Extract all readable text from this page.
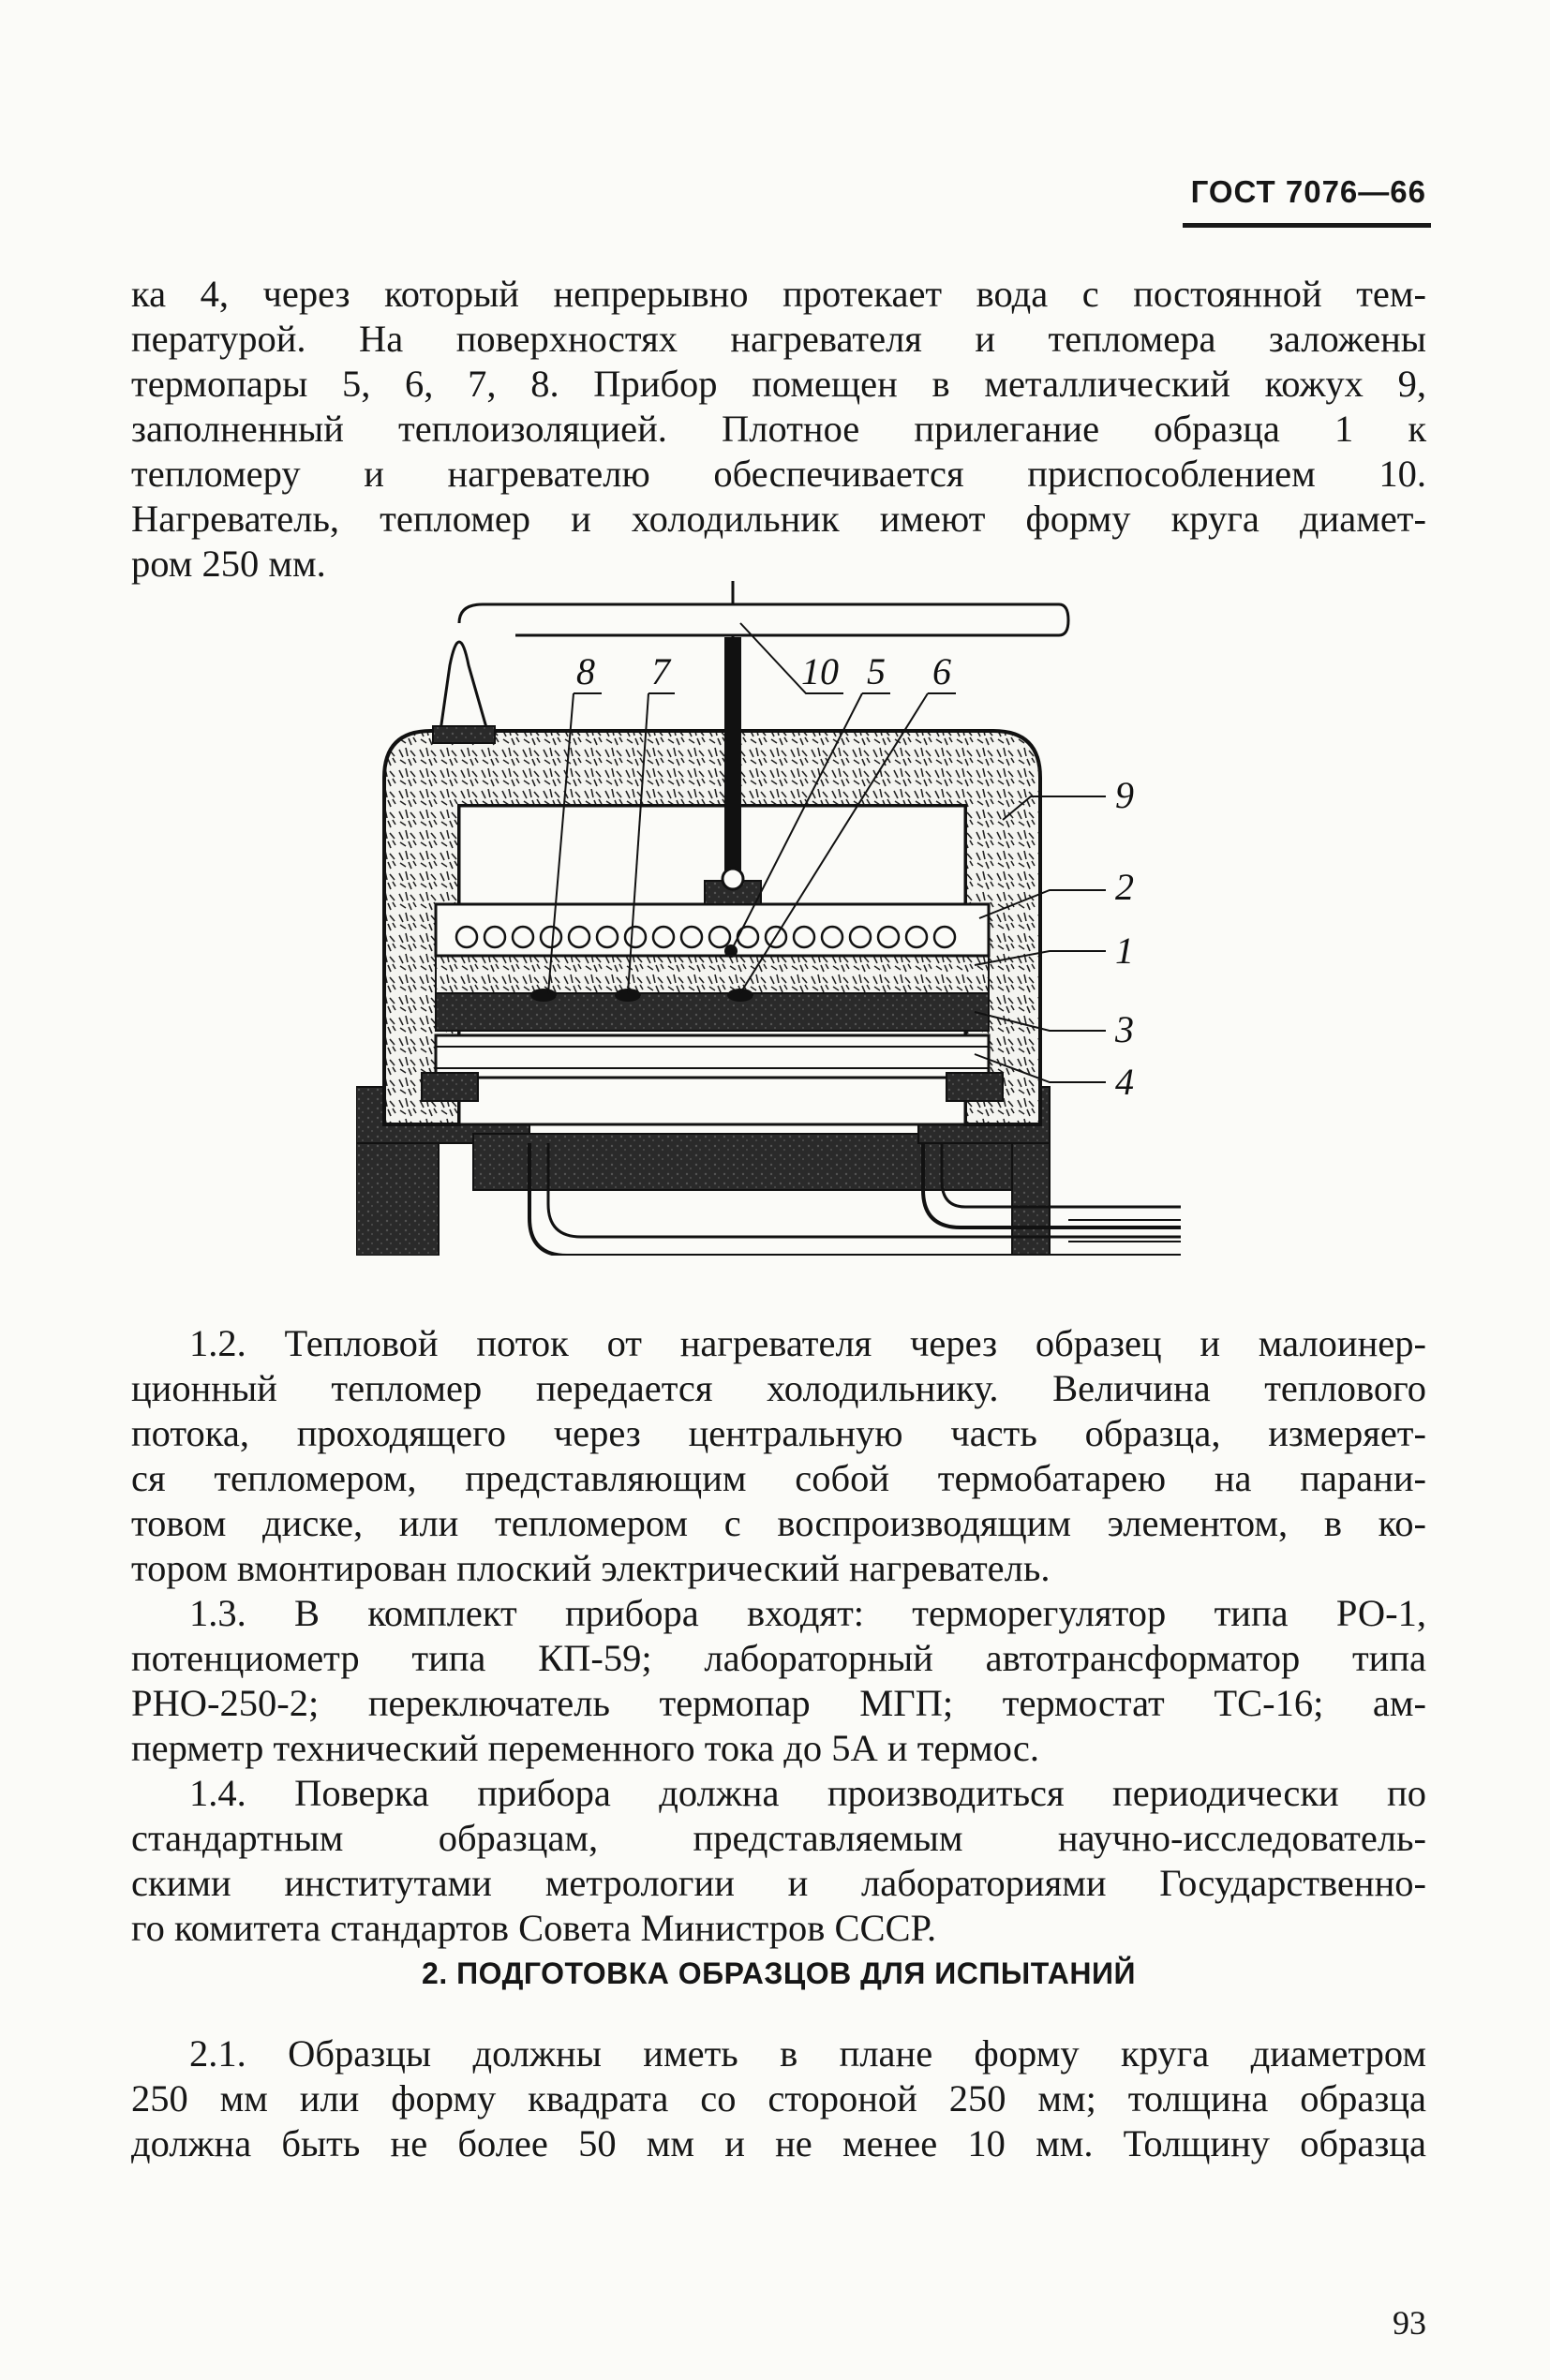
ГОСТ 7076—66
ка 4, через который непрерывно протекает вода с постоянной тем-
пературой. На поверхностях нагревателя и тепломера заложены
термопары 5, 6, 7, 8. Прибор помещен в металлический кожух 9,
заполненный теплоизоляцией. Плотное прилегание образца 1 к
тепломеру и нагревателю обеспечивается приспособлением 10.
Нагреватель, тепломер и холодильник имеют форму круга диамет-
ром 250 мм.
8 7	10 5 6
9
2
1
3
4
1.2. Тепловой поток от нагревателя через образец и малоинер-
ционный тепломер передается холодильнику. Величина теплового
потока, проходящего через центральную часть образца, измеряет-
ся тепломером, представляющим собой термобатарею на парани-
товом диске, или тепломером с воспроизводящим элементом, в ко-
тором вмонтирован плоский электрический нагреватель.
1.3. В комплект прибора входят: терморегулятор типа РО-1,
потенциометр типа КП-59; лабораторный автотрансформатор типа
РНО-250-2; переключатель термопар МГП; термостат ТС-16; ам-
перметр технический переменного тока до 5А и термос.
1.4. Поверка прибора должна производиться периодически по
стандартным образцам, представляемым научно-исследователь-
скими институтами метрологии и лабораториями Государственно-
го комитета стандартов Совета Министров СССР.
2. ПОДГОТОВКА ОБРАЗЦОВ ДЛЯ ИСПЫТАНИЙ
2.1. Образцы должны иметь в плане форму круга диаметром
250 мм или форму квадрата со стороной 250 мм; толщина образца
должна быть не более 50 мм и не менее 10 мм. Толщину образца
93
